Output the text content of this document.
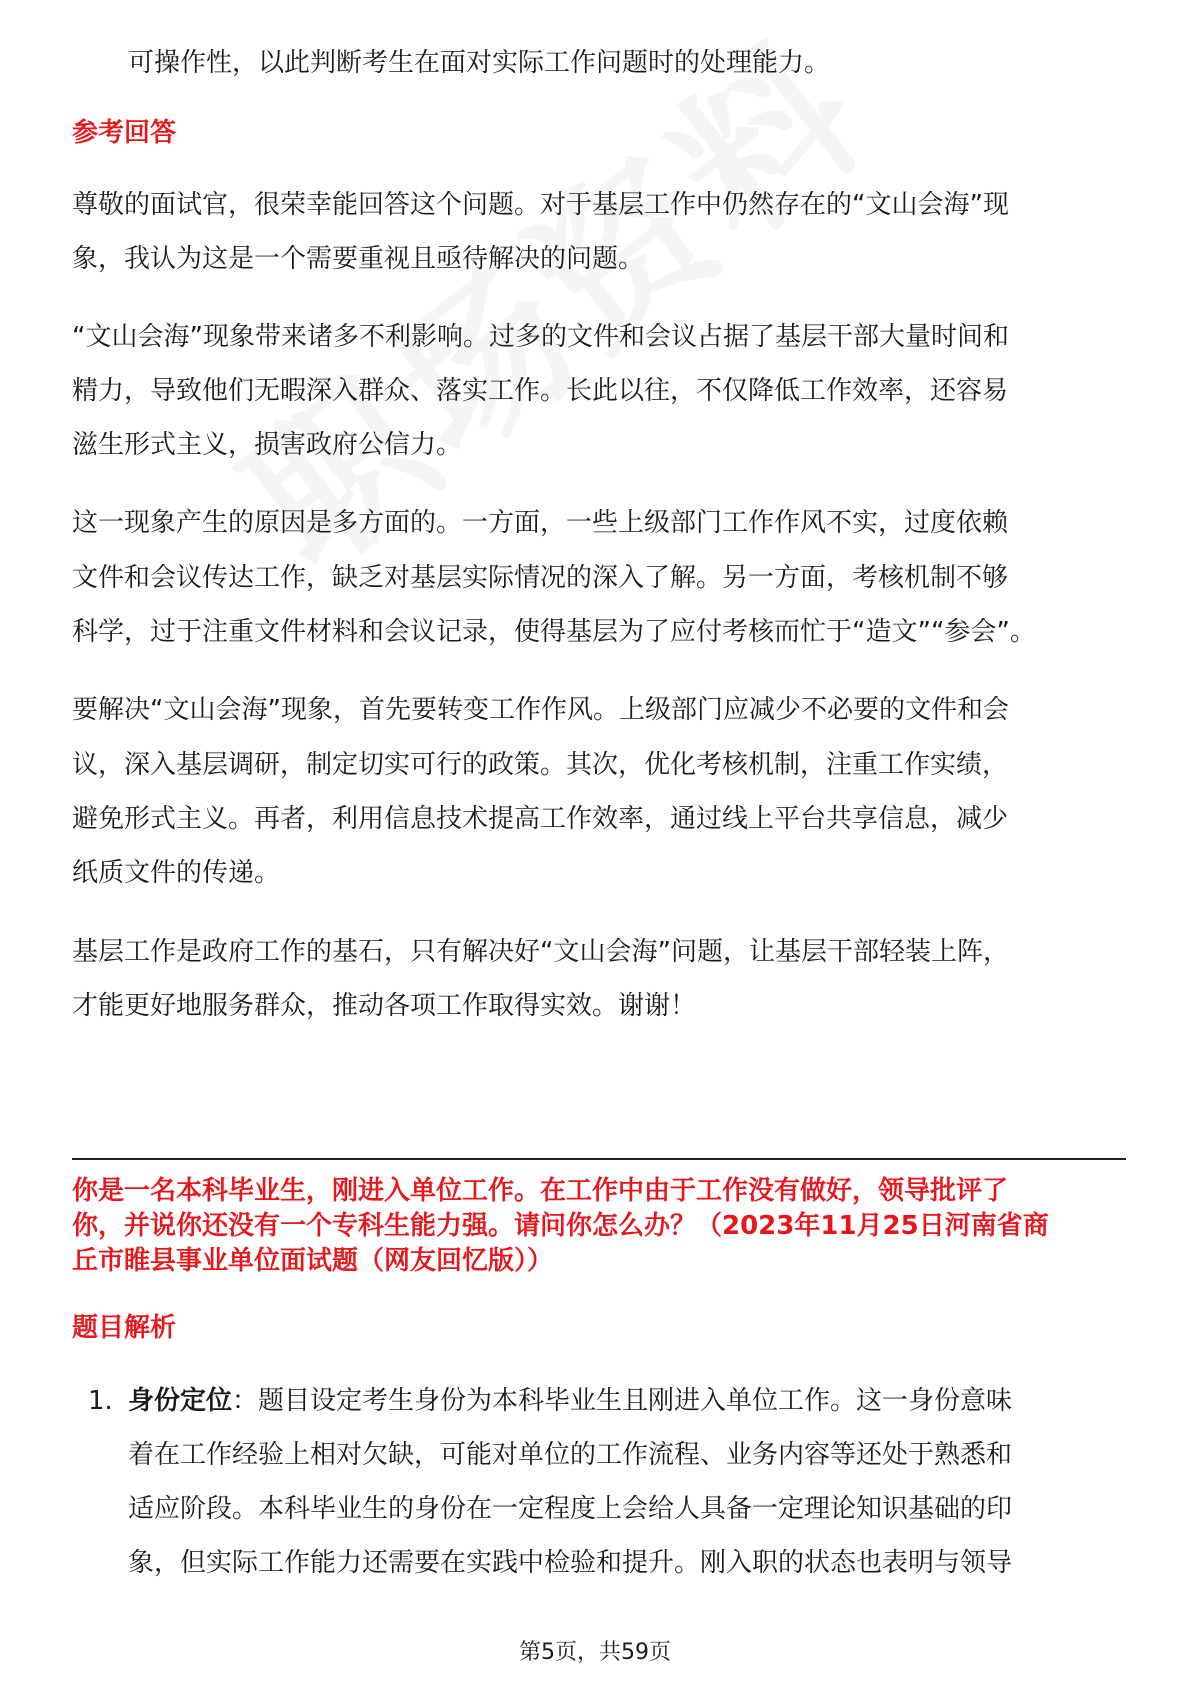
可操作性，以此判断考生在面对实际工作问题时的处理能力。
参考回答
尊敬的面试官，很荣幸能回答这个问题。对于基层工作中仍然存在的“文山会海”现
象，我认为这是一个需要重视且亟待解决的问题。
“文山会海”现象带来诸多不利影响。过多的文件和会议占据了基层干部大量时间和
精力，导致他们无暇深入群众、落实工作。长此以往，不仅降低工作效率，还容易
滋生形式主义，损害政府公信力。
这一现象产生的原因是多方面的。一方面，一些上级部门工作作风不实，过度依赖
文件和会议传达工作，缺乏对基层实际情况的深入了解。另一方面，考核机制不够
科学，过于注重文件材料和会议记录，使得基层为了应付考核而忙于“造文”“参会”。
要解决“文山会海”现象，首先要转变工作作风。上级部门应减少不必要的文件和会
议，深入基层调研，制定切实可行的政策。其次，优化考核机制，注重工作实绩，
避免形式主义。再者，利用信息技术提高工作效率，通过线上平台共享信息，减少
纸质文件的传递。
基层工作是政府工作的基石，只有解决好“文山会海”问题，让基层干部轻装上阵，
才能更好地服务群众，推动各项工作取得实效。谢谢！
你是一名本科毕业生，刚进入单位工作。在工作中由于工作没有做好，领导批评了
你，并说你还没有一个专科生能力强。请问你怎么办？（2023年11月25日河南省商
丘市睢县事业单位面试题（网友回忆版））
题目解析
1. 身份定位：题目设定考生身份为本科毕业生且刚进入单位工作。这一身份意味
着在工作经验上相对欠缺，可能对单位的工作流程、业务内容等还处于熟悉和
适应阶段。本科毕业生的身份在一定程度上会给人具备一定理论知识基础的印
象，但实际工作能力还需要在实践中检验和提升。刚入职的状态也表明与领导
第5页，共59页
